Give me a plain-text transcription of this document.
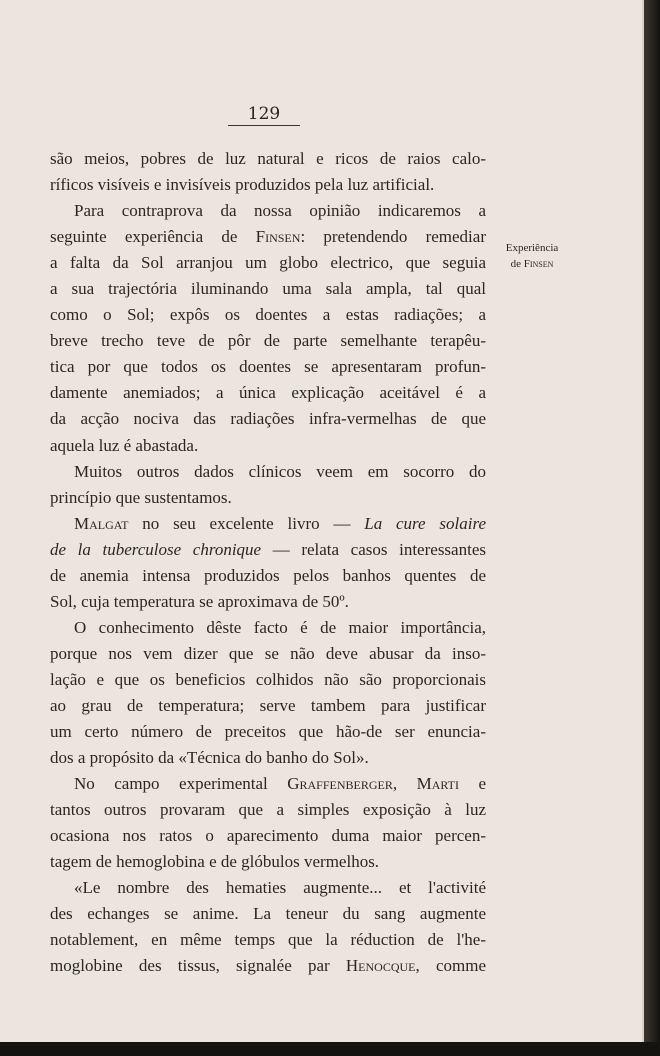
129
são meios, pobres de luz natural e ricos de raios calo-
ríficos visíveis e invisíveis produzidos pela luz artificial.
Para contraprova da nossa opinião indicaremos a
seguinte experiência de Finsen: pretendendo remediar
a falta da Sol arranjou um globo electrico, que seguia
a sua trajectória iluminando uma sala ampla, tal qual
como o Sol; expôs os doentes a estas radiações; a
breve trecho teve de pôr de parte semelhante terapêu-
tica por que todos os doentes se apresentaram profun-
damente anemiados; a única explicação aceitável é a
da acção nociva das radiações infra-vermelhas de que
aquela luz é abastada.
Muitos outros dados clínicos veem em socorro do
princípio que sustentamos.
Malgat no seu excelente livro — La cure solaire
de la tuberculose chronique — relata casos interessantes
de anemia intensa produzidos pelos banhos quentes de
Sol, cuja temperatura se aproximava de 50º.
O conhecimento dêste facto é de maior importância,
porque nos vem dizer que se não deve abusar da inso-
lação e que os beneficios colhidos não são proporcionais
ao grau de temperatura; serve tambem para justificar
um certo número de preceitos que hão-de ser enuncia-
dos a propósito da «Técnica do banho do Sol».
No campo experimental Graffenberger, Marti e
tantos outros provaram que a simples exposição à luz
ocasiona nos ratos o aparecimento duma maior percen-
tagem de hemoglobina e de glóbulos vermelhos.
«Le nombre des hematies augmente... et l'activité
des echanges se anime. La teneur du sang augmente
notablement, en même temps que la réduction de l'he-
moglobine des tissus, signalée par Henocque, comme
Experiência
de Finsen
